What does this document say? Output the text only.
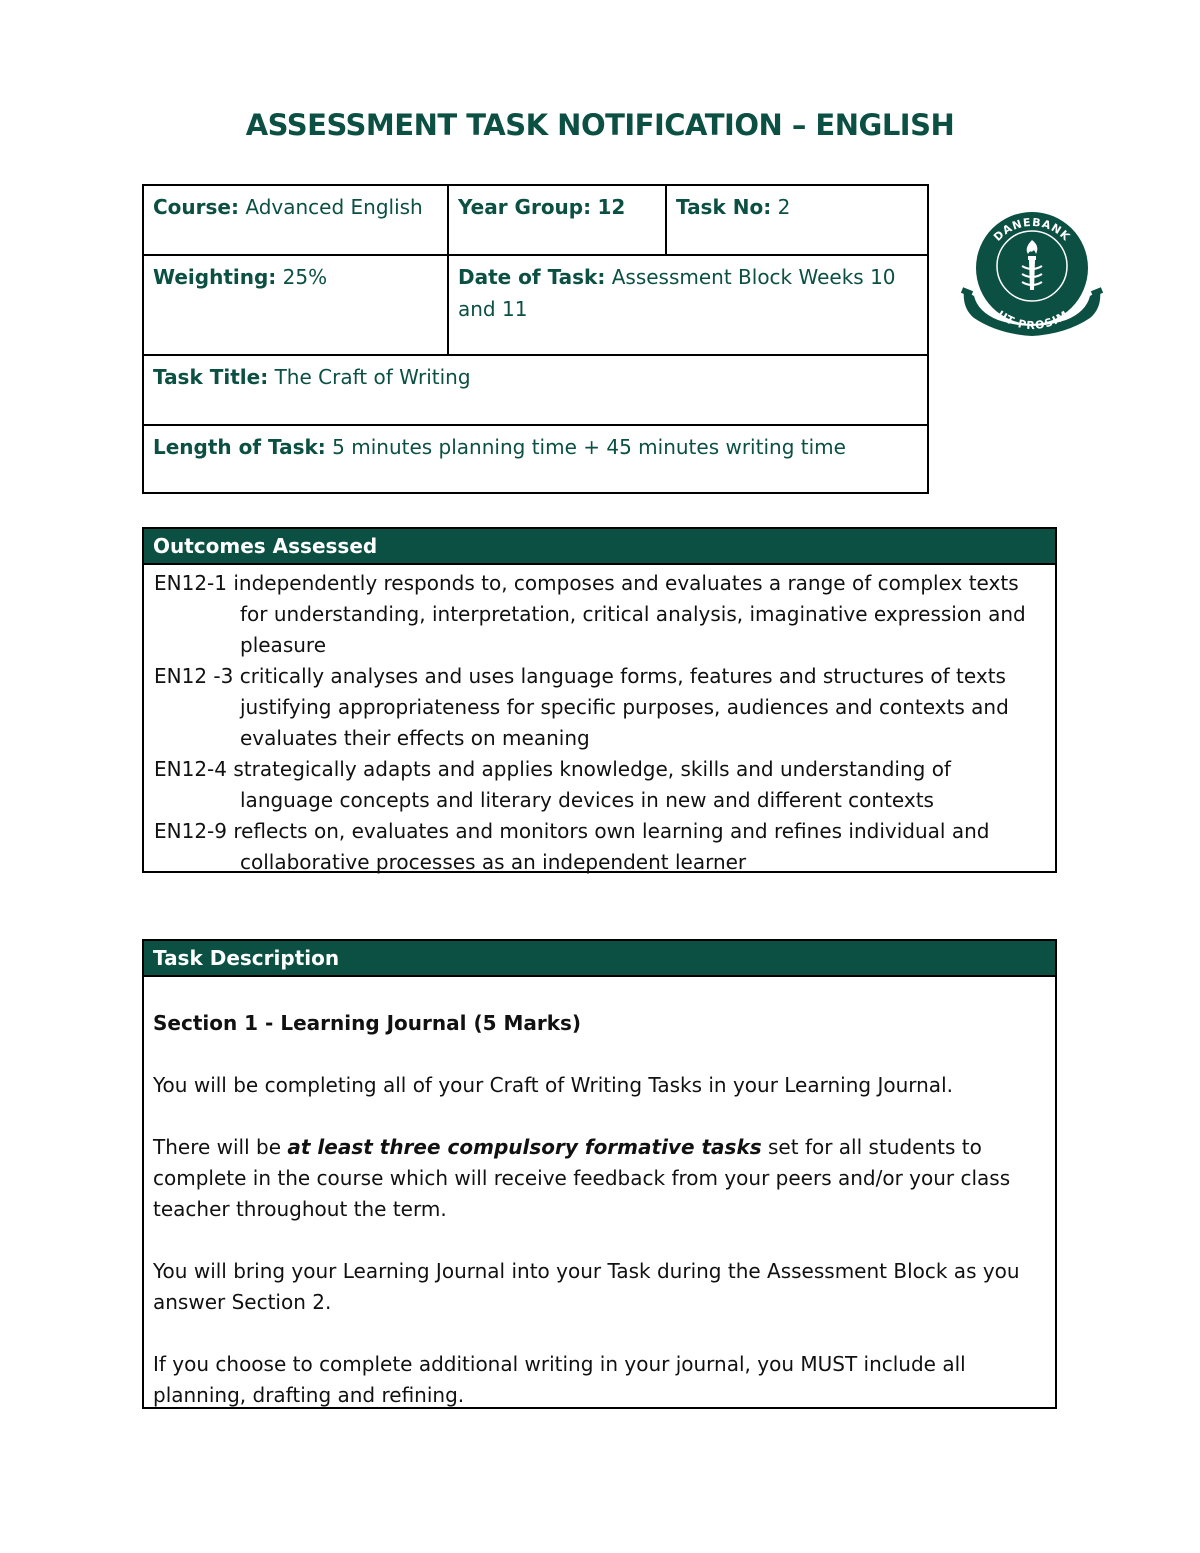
ASSESSMENT TASK NOTIFICATION – ENGLISH
Course: Advanced English	Year Group: 12	Task No: 2
Weighting: 25%	Date of Task: Assessment Block Weeks 10 and 11	
Task Title: The Craft of Writing		
Length of Task: 5 minutes planning time + 45 minutes writing time		
DANEBANK
UT PROSIM
Outcomes Assessed
EN12-1 independently responds to, composes and evaluates a range of complex texts for understanding, interpretation, critical analysis, imaginative expression and pleasure
EN12 -3 critically analyses and uses language forms, features and structures of texts justifying appropriateness for specific purposes, audiences and contexts and evaluates their effects on meaning
EN12-4 strategically adapts and applies knowledge, skills and understanding of language concepts and literary devices in new and different contexts
EN12-9 reflects on, evaluates and monitors own learning and refines individual and collaborative processes as an independent learner
Task Description

Section 1 - Learning Journal (5 Marks)

You will be completing all of your Craft of Writing Tasks in your Learning Journal.

There will be at least three compulsory formative tasks set for all students to complete in the course which will receive feedback from your peers and/or your class teacher throughout the term.

You will bring your Learning Journal into your Task during the Assessment Block as you answer Section 2.

If you choose to complete additional writing in your journal, you MUST include all planning, drafting and refining.
